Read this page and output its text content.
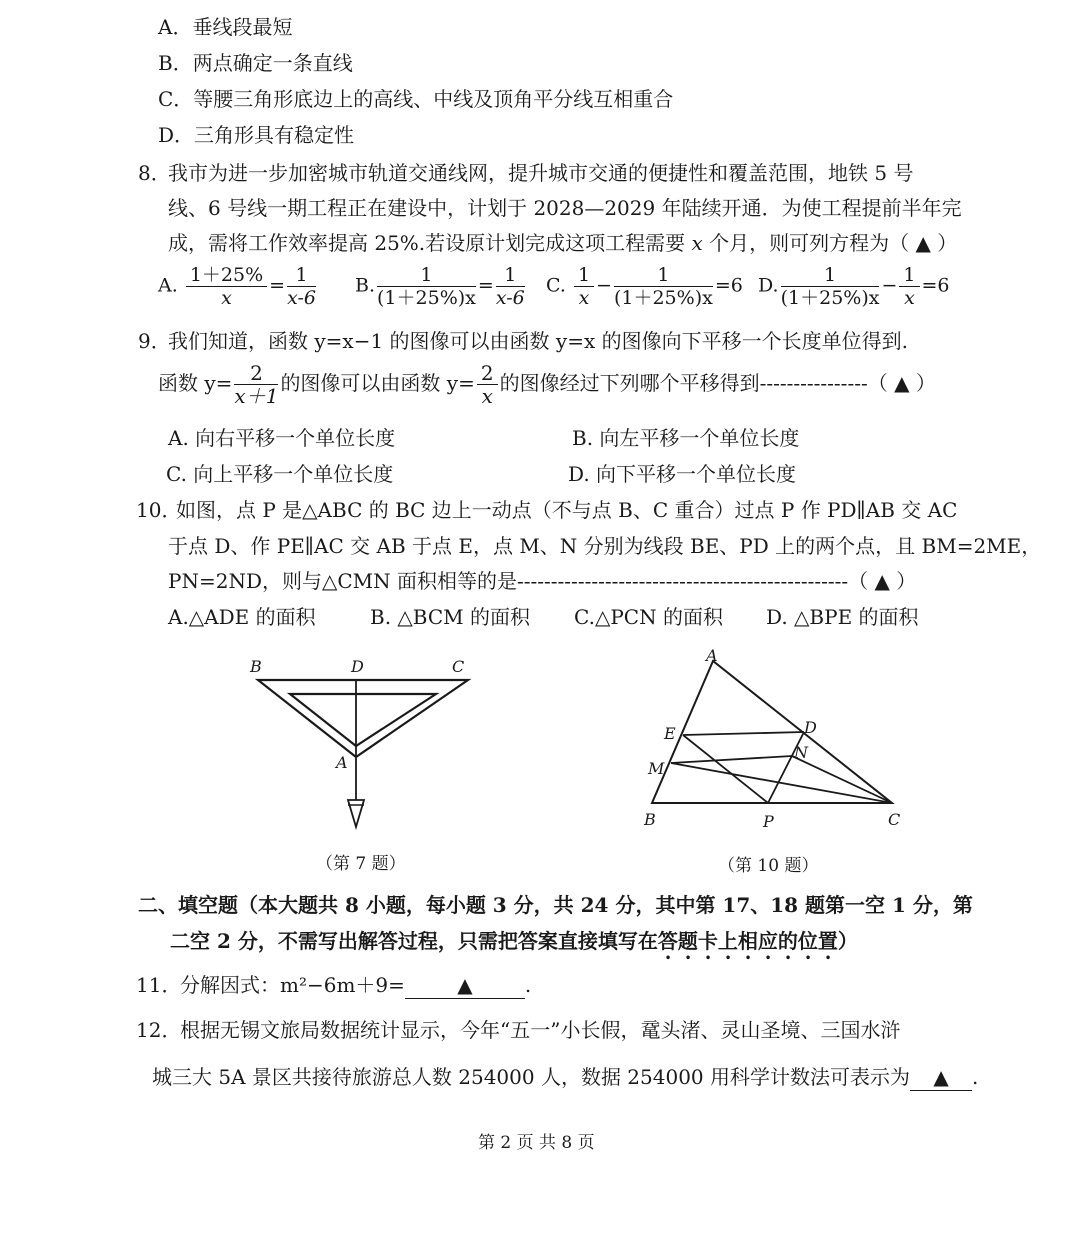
A．垂线段最短
B．两点确定一条直线
C．等腰三角形底边上的高线、中线及顶角平分线互相重合
D．三角形具有稳定性
8．
我市为进一步加密城市轨道交通线网，提升城市交通的便捷性和覆盖范围，地铁 5 号
线、6 号线一期工程正在建设中，计划于 2028—2029 年陆续开通．为使工程提前半年完
成，需将工作效率提高 25%.若设原计划完成这项工程需要 x 个月，则可列方程为（ ▲ ）
A. $\frac{1+25\%}{x} = \frac{1}{x-6} B$. $\frac{1}{(1+25\%)x} = \frac{1}{x-6} C$. $\frac{1}{x} - \frac{1}{(1+25\%)x} =6$ D. $\frac{1}{(1+25\%)x} - \frac{1}{x} =6$
9．
我们知道，函数 y=x−1 的图像可以由函数 y=x 的图像向下平移一个长度单位得到.
函数 $y= \frac{2}{x+1}$ 的图像可以由函数 $y= \frac{2}{x}$ 的图像经过下列哪个平移得到----------------（ ▲ ）
A. 向右平移一个单位长度	B. 向左平移一个单位长度
C. 向上平移一个单位长度	D. 向下平移一个单位长度
10．
如图，点 P 是△ABC 的 BC 边上一动点（不与点 B、C 重合）过点 P 作 PD∥AB 交 AC
于点 D、作 PE∥AC 交 AB 于点 E，点 M、N 分别为线段 BE、PD 上的两个点，且 BM=2ME，
PN=2ND，则与△CMN 面积相等的是-------------------------------------------------（ ▲ ）
A.△ADE 的面积	B. △BCM 的面积 C.△PCN 的面积 D. △BPE 的面积
B	D	C
A
（第 7 题）
A
E	D
N
M
B	P	C
（第 10 题）
二、填空题（本大题共 8 小题，每小题 3 分，共 24 分，其中第 17、18 题第一空 1 分，第
二空 2 分，不需写出解答过程，只需把答案直接填写在答题卡上相应的位置）
11．
分解因式：m²−6m＋9=	▲	.
12．
根据无锡文旅局数据统计显示，今年“五一”小长假，鼋头渚、灵山圣境、三国水浒
城三大 5A 景区共接待旅游总人数 254000 人，数据 254000 用科学计数法可表示为 ▲ .
第 2 页 共 8 页
